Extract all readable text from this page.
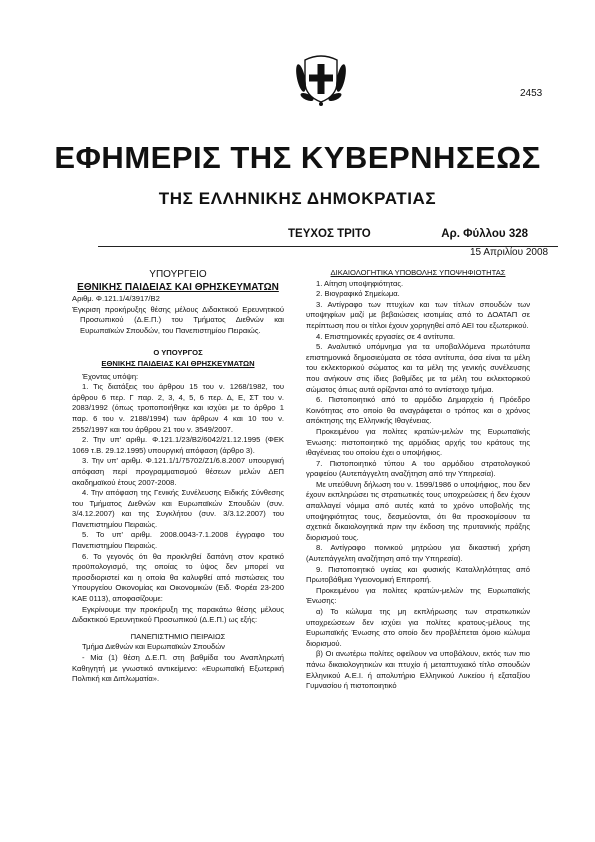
2453
ΕΦΗΜΕΡΙΣ ΤΗΣ ΚΥΒΕΡΝΗΣΕΩΣ
ΤΗΣ ΕΛΛΗΝΙΚΗΣ ΔΗΜΟΚΡΑΤΙΑΣ
ΤΕΥΧΟΣ ΤΡΙΤΟ	Αρ. Φύλλου 328
15 Απριλίου 2008

ΥΠΟΥΡΓΕΙΟ

ΕΘΝΙΚΗΣ ΠΑΙΔΕΙΑΣ ΚΑΙ ΘΡΗΣΚΕΥΜΑΤΩΝ

Αριθμ. Φ.121.1/4/3917/Β2

Έγκριση προκήρυξης θέσης μέλους Διδακτικού Ερευνητικού Προσωπικού (Δ.Ε.Π.) του Τμήματος Διεθνών και Ευρωπαϊκών Σπουδών, του Πανεπιστημίου Πειραιώς.

Ο ΥΠΟΥΡΓΟΣ

ΕΘΝΙΚΗΣ ΠΑΙΔΕΙΑΣ ΚΑΙ ΘΡΗΣΚΕΥΜΑΤΩΝ

Έχοντας υπόψη:

1. Τις διατάξεις του άρθρου 15 του ν. 1268/1982, του άρθρου 6 περ. Γ παρ. 2, 3, 4, 5, 6 περ. Δ, Ε, ΣΤ του ν. 2083/1992 (όπως τροποποιήθηκε και ισχύει με το άρθρο 1 παρ. 6 του ν. 2188/1994) των άρθρων 4 και 10 του ν. 2552/1997 και του άρθρου 21 του ν. 3549/2007.

2. Την υπ' αριθμ. Φ.121.1/23/Β2/6042/21.12.1995 (ΦΕΚ 1069 τ.Β. 29.12.1995) υπουργική απόφαση (άρθρο 3).

3. Την υπ' αριθμ. Φ.121.1/1/75702/Ζ1/6.8.2007 υπουργική απόφαση περί προγραμματισμού θέσεων μελών ΔΕΠ ακαδημαϊκού έτους 2007-2008.

4. Την απόφαση της Γενικής Συνέλευσης Ειδικής Σύνθεσης του Τμήματος Διεθνών και Ευρωπαϊκών Σπουδών (συν. 3/4.12.2007) και της Συγκλήτου (συν. 3/3.12.2007) του Πανεπιστημίου Πειραιώς.

5. Το υπ' αριθμ. 2008.0043-7.1.2008 έγγραφο του Πανεπιστημίου Πειραιώς.

6. Το γεγονός ότι θα προκληθεί δαπάνη στον κρατικό προϋπολογισμό, της οποίας το ύψος δεν μπορεί να προσδιοριστεί και η οποία θα καλυφθεί από πιστώσεις του Υπουργείου Οικονομίας και Οικονομικών (Ειδ. Φορέα 23-200 ΚΑΕ 0113), αποφασίζουμε:

Εγκρίνουμε την προκήρυξη της παρακάτω θέσης μέλους Διδακτικού Ερευνητικού Προσωπικού (Δ.Ε.Π.) ως εξής:

ΠΑΝΕΠΙΣΤΗΜΙΟ ΠΕΙΡΑΙΩΣ

Τμήμα Διεθνών και Ευρωπαϊκών Σπουδών

- Μία (1) θέση Δ.Ε.Π. στη βαθμίδα του Αναπληρωτή Καθηγητή με γνωστικό αντικείμενο: «Ευρωπαϊκή Εξωτερική Πολιτική και Διπλωματία».

ΔΙΚΑΙΟΛΟΓΗΤΙΚΑ ΥΠΟΒΟΛΗΣ ΥΠΟΨΗΦΙΟΤΗΤΑΣ

1. Αίτηση υποψηφιότητας.

2. Βιογραφικό Σημείωμα.

3. Αντίγραφο των πτυχίων και των τίτλων σπουδών των υποψηφίων μαζί με βεβαιώσεις ισοτιμίας από το ΔΟΑΤΑΠ σε περίπτωση που οι τίτλοι έχουν χορηγηθεί από ΑΕΙ του εξωτερικού.

4. Επιστημονικές εργασίες σε 4 αντίτυπα.

5. Αναλυτικό υπόμνημα για τα υποβαλλόμενα πρωτότυπα επιστημονικά δημοσιεύματα σε τόσα αντίτυπα, όσα είναι τα μέλη του εκλεκτορικού σώματος και τα μέλη της γενικής συνέλευσης που ανήκουν στις ίδιες βαθμίδες με τα μέλη του εκλεκτορικού σώματος όπως αυτά ορίζονται από το αντίστοιχο τμήμα.

6. Πιστοποιητικό από το αρμόδιο Δημαρχείο ή Πρόεδρο Κοινότητας στο οποίο θα αναγράφεται ο τρόπος και ο χρόνος απόκτησης της Ελληνικής Ιθαγένειας.

Προκειμένου για πολίτες κρατών-μελών της Ευρωπαϊκής Ένωσης: πιστοποιητικό της αρμόδιας αρχής του κράτους της ιθαγένειας του οποίου έχει ο υποψήφιος.

7. Πιστοποιητικό τύπου Α του αρμόδιου στρατολογικού γραφείου (Αυτεπάγγελτη αναζήτηση από την Υπηρεσία).

Με υπεύθυνη δήλωση του ν. 1599/1986 ο υποψήφιος, που δεν έχουν εκπληρώσει τις στρατιωτικές τους υποχρεώσεις ή δεν έχουν απαλλαγεί νόμιμα από αυτές κατά το χρόνο υποβολής της υποψηφιότητας τους, δεσμεύονται, ότι θα προσκομίσουν τα σχετικά δικαιολογητικά πριν την έκδοση της πρυτανικής πράξης διορισμού τους.

8. Αντίγραφο ποινικού μητρώου για δικαστική χρήση (Αυτεπάγγελτη αναζήτηση από την Υπηρεσία).

9. Πιστοποιητικό υγείας και φυσικής Καταλληλότητας από Πρωτοβάθμια Υγειονομική Επιτροπή.

Προκειμένου για πολίτες κρατών-μελών της Ευρωπαϊκής Ένωσης:

α) Το κώλυμα της μη εκπλήρωσης των στρατιωτικών υποχρεώσεων δεν ισχύει για πολίτες κρατους-μέλους της Ευρωπαϊκής Ένωσης στο οποίο δεν προβλέπεται όμοιο κώλυμα διορισμού.

β) Οι ανωτέρω πολίτες οφείλουν να υποβάλουν, εκτός των πιο πάνω δικαιολογητικών και πτυχίο ή μεταπτυχιακό τίτλο σπουδών Ελληνικού Α.Ε.Ι. ή απολυτήριο Ελληνικού Λυκείου ή εξαταξίου Γυμνασίου ή πιστοποιητικό
